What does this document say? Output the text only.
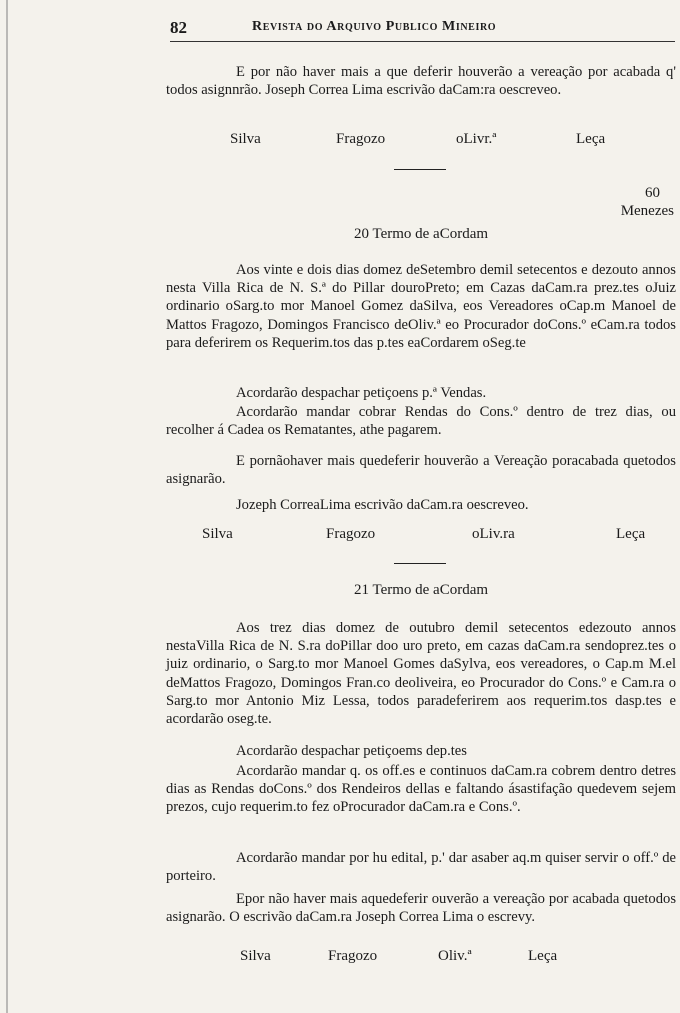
82	Revista do Arquivo Publico Mineiro

E por não haver mais a que deferir houverão a vereação por acabada q' todos asignnrão. Joseph Correa Lima escrivão daCam:ra oescreveo.

Silva	Fragozo	oLivr.ª	Leça
60
Menezes
20 Termo de aCordam

Aos vinte e dois dias domez deSetembro demil setecentos e dezouto annos nesta Villa Rica de N. S.ª do Pillar douroPreto; em Cazas daCam.ra prez.tes oJuiz ordinario oSarg.to mor Manoel Gomez daSilva, eos Vereadores oCap.m Manoel de Mattos Fragozo, Domingos Francisco deOliv.ª eo Procurador doCons.º eCam.ra todos para deferirem os Requerim.tos das p.tes eaCordarem oSeg.te

Acordarão despachar petiçoens p.ª Vendas.

Acordarão mandar cobrar Rendas do Cons.º dentro de trez dias, ou recolher á Cadea os Rematantes, athe pagarem.

E pornãohaver mais quedeferir houverão a Vereação poracabada quetodos asignarão.

Jozeph CorreaLima escrivão daCam.ra oescreveo.

Silva	Fragozo	oLiv.ra	Leça
21 Termo de aCordam

Aos trez dias domez de outubro demil setecentos edezouto annos nestaVilla Rica de N. S.ra doPillar doo uro preto, em cazas daCam.ra sendoprez.tes o juiz ordinario, o Sarg.to mor Manoel Gomes daSylva, eos vereadores, o Cap.m M.el deMattos Fragozo, Domingos Fran.co deoliveira, eo Procurador do Cons.º e Cam.ra o Sarg.to mor Antonio Miz Lessa, todos paradeferirem aos requerim.tos dasp.tes e acordarão oseg.te.

Acordarão despachar petiçoems dep.tes

Acordarão mandar q. os off.es e continuos daCam.ra cobrem dentro detres dias as Rendas doCons.º dos Rendeiros dellas e faltando ásastifação quedevem sejem prezos, cujo requerim.to fez oProcurador daCam.ra e Cons.º.

Acordarão mandar por hu edital, p.' dar asaber aq.m quiser servir o off.º de porteiro.

Epor não haver mais aquedeferir ouverão a vereação por acabada quetodos asignarão. O escrivão daCam.ra Joseph Correa Lima o escrevy.

Silva	Fragozo	Oliv.ª	Leça
